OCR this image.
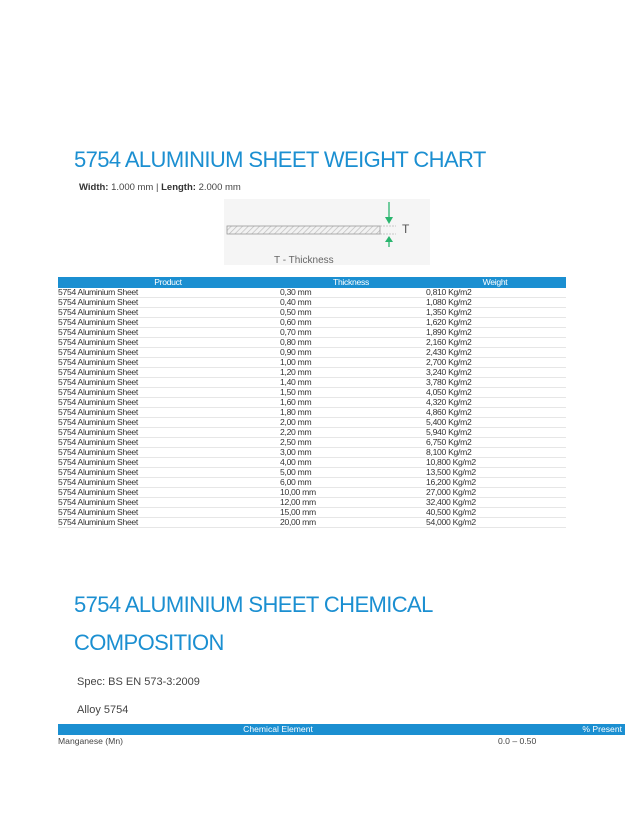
5754 ALUMINIUM SHEET WEIGHT CHART
Width: 1.000 mm | Length: 2.000 mm
T
T - Thickness
Product	Thickness	Weight
5754 Aluminium Sheet	0,30 mm	0,810 Kg/m2
5754 Aluminium Sheet	0,40 mm	1,080 Kg/m2
5754 Aluminium Sheet	0,50 mm	1,350 Kg/m2
5754 Aluminium Sheet	0,60 mm	1,620 Kg/m2
5754 Aluminium Sheet	0,70 mm	1,890 Kg/m2
5754 Aluminium Sheet	0,80 mm	2,160 Kg/m2
5754 Aluminium Sheet	0,90 mm	2,430 Kg/m2
5754 Aluminium Sheet	1,00 mm	2,700 Kg/m2
5754 Aluminium Sheet	1,20 mm	3,240 Kg/m2
5754 Aluminium Sheet	1,40 mm	3,780 Kg/m2
5754 Aluminium Sheet	1,50 mm	4,050 Kg/m2
5754 Aluminium Sheet	1,60 mm	4,320 Kg/m2
5754 Aluminium Sheet	1,80 mm	4,860 Kg/m2
5754 Aluminium Sheet	2,00 mm	5,400 Kg/m2
5754 Aluminium Sheet	2,20 mm	5,940 Kg/m2
5754 Aluminium Sheet	2,50 mm	6,750 Kg/m2
5754 Aluminium Sheet	3,00 mm	8,100 Kg/m2
5754 Aluminium Sheet	4,00 mm	10,800 Kg/m2
5754 Aluminium Sheet	5,00 mm	13,500 Kg/m2
5754 Aluminium Sheet	6,00 mm	16,200 Kg/m2
5754 Aluminium Sheet	10,00 mm	27,000 Kg/m2
5754 Aluminium Sheet	12,00 mm	32,400 Kg/m2
5754 Aluminium Sheet	15,00 mm	40,500 Kg/m2
5754 Aluminium Sheet	20,00 mm	54,000 Kg/m2
5754 ALUMINIUM SHEET CHEMICAL
COMPOSITION
Spec: BS EN 573-3:2009
Alloy 5754
Chemical Element	% Present
Manganese (Mn)	0.0 – 0.50
